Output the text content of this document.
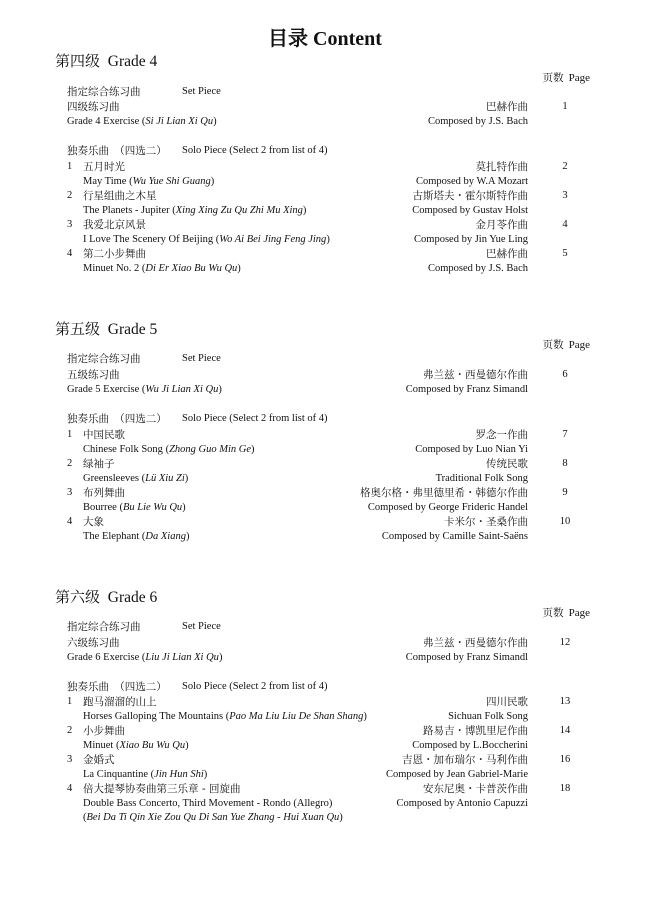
目录 Content
第四级 Grade 4
页数 Page
指定综合练习曲	Set Piece
四级练习曲	巴赫作曲	1
Grade 4 Exercise (Si Ji Lian Xi Qu)	Composed by J.S. Bach
独奏乐曲　（四选二） Solo Piece (Select 2 from list of 4)
1	五月时光	莫扎特作曲	2
May Time (Wu Yue Shi Guang)	Composed by W.A Mozart
2	行星组曲之木星	古斯塔夫・霍尔斯特作曲	3
The Planets - Jupiter (Xing Xing Zu Qu Zhi Mu Xing)	Composed by Gustav Holst
3	我爱北京风景	金月苓作曲	4
I Love The Scenery Of Beijing (Wo Ai Bei Jing Feng Jing)	Composed by Jin Yue Ling
4	第二小步舞曲	巴赫作曲	5
Minuet No. 2 (Di Er Xiao Bu Wu Qu)	Composed by J.S. Bach
第五级 Grade 5
页数 Page
指定综合练习曲	Set Piece
五级练习曲	弗兰兹・西曼德尔作曲	6
Grade 5 Exercise (Wu Ji Lian Xi Qu)	Composed by Franz Simandl
独奏乐曲　（四选二） Solo Piece (Select 2 from list of 4)
1	中国民歌	罗念一作曲	7
Chinese Folk Song (Zhong Guo Min Ge)	Composed by Luo Nian Yi
2	绿袖子	传统民歌	8
Greensleeves (Lü Xiu Zi)	Traditional Folk Song
3	布列舞曲	格奥尔格・弗里德里希・韩德尔作曲	9
Bourree (Bu Lie Wu Qu)	Composed by George Frideric Handel
4	大象	卡米尔・圣桑作曲	10
The Elephant (Da Xiang)	Composed by Camille Saint-Saëns
第六级 Grade 6
页数 Page
指定综合练习曲	Set Piece
六级练习曲	弗兰兹・西曼德尔作曲	12
Grade 6 Exercise (Liu Ji Lian Xi Qu)	Composed by Franz Simandl
独奏乐曲　（四选二） Solo Piece (Select 2 from list of 4)
1	跑马溜溜的山上	四川民歌	13
Horses Galloping The Mountains (Pao Ma Liu Liu De Shan Shang)	Sichuan Folk Song
2	小步舞曲	路易吉・博凯里尼作曲	14
Minuet (Xiao Bu Wu Qu)	Composed by L.Boccherini
3	金婚式	吉恩・加布瑞尔・马利作曲	16
La Cinquantine (Jin Hun Shi)	Composed by Jean Gabriel-Marie
4	倍大提琴协奏曲第三乐章 - 回旋曲	安东尼奥・卡普茨作曲	18
Double Bass Concerto, Third Movement - Rondo (Allegro)	Composed by Antonio Capuzzi
(Bei Da Ti Qin Xie Zou Qu Di San Yue Zhang - Hui Xuan Qu)
